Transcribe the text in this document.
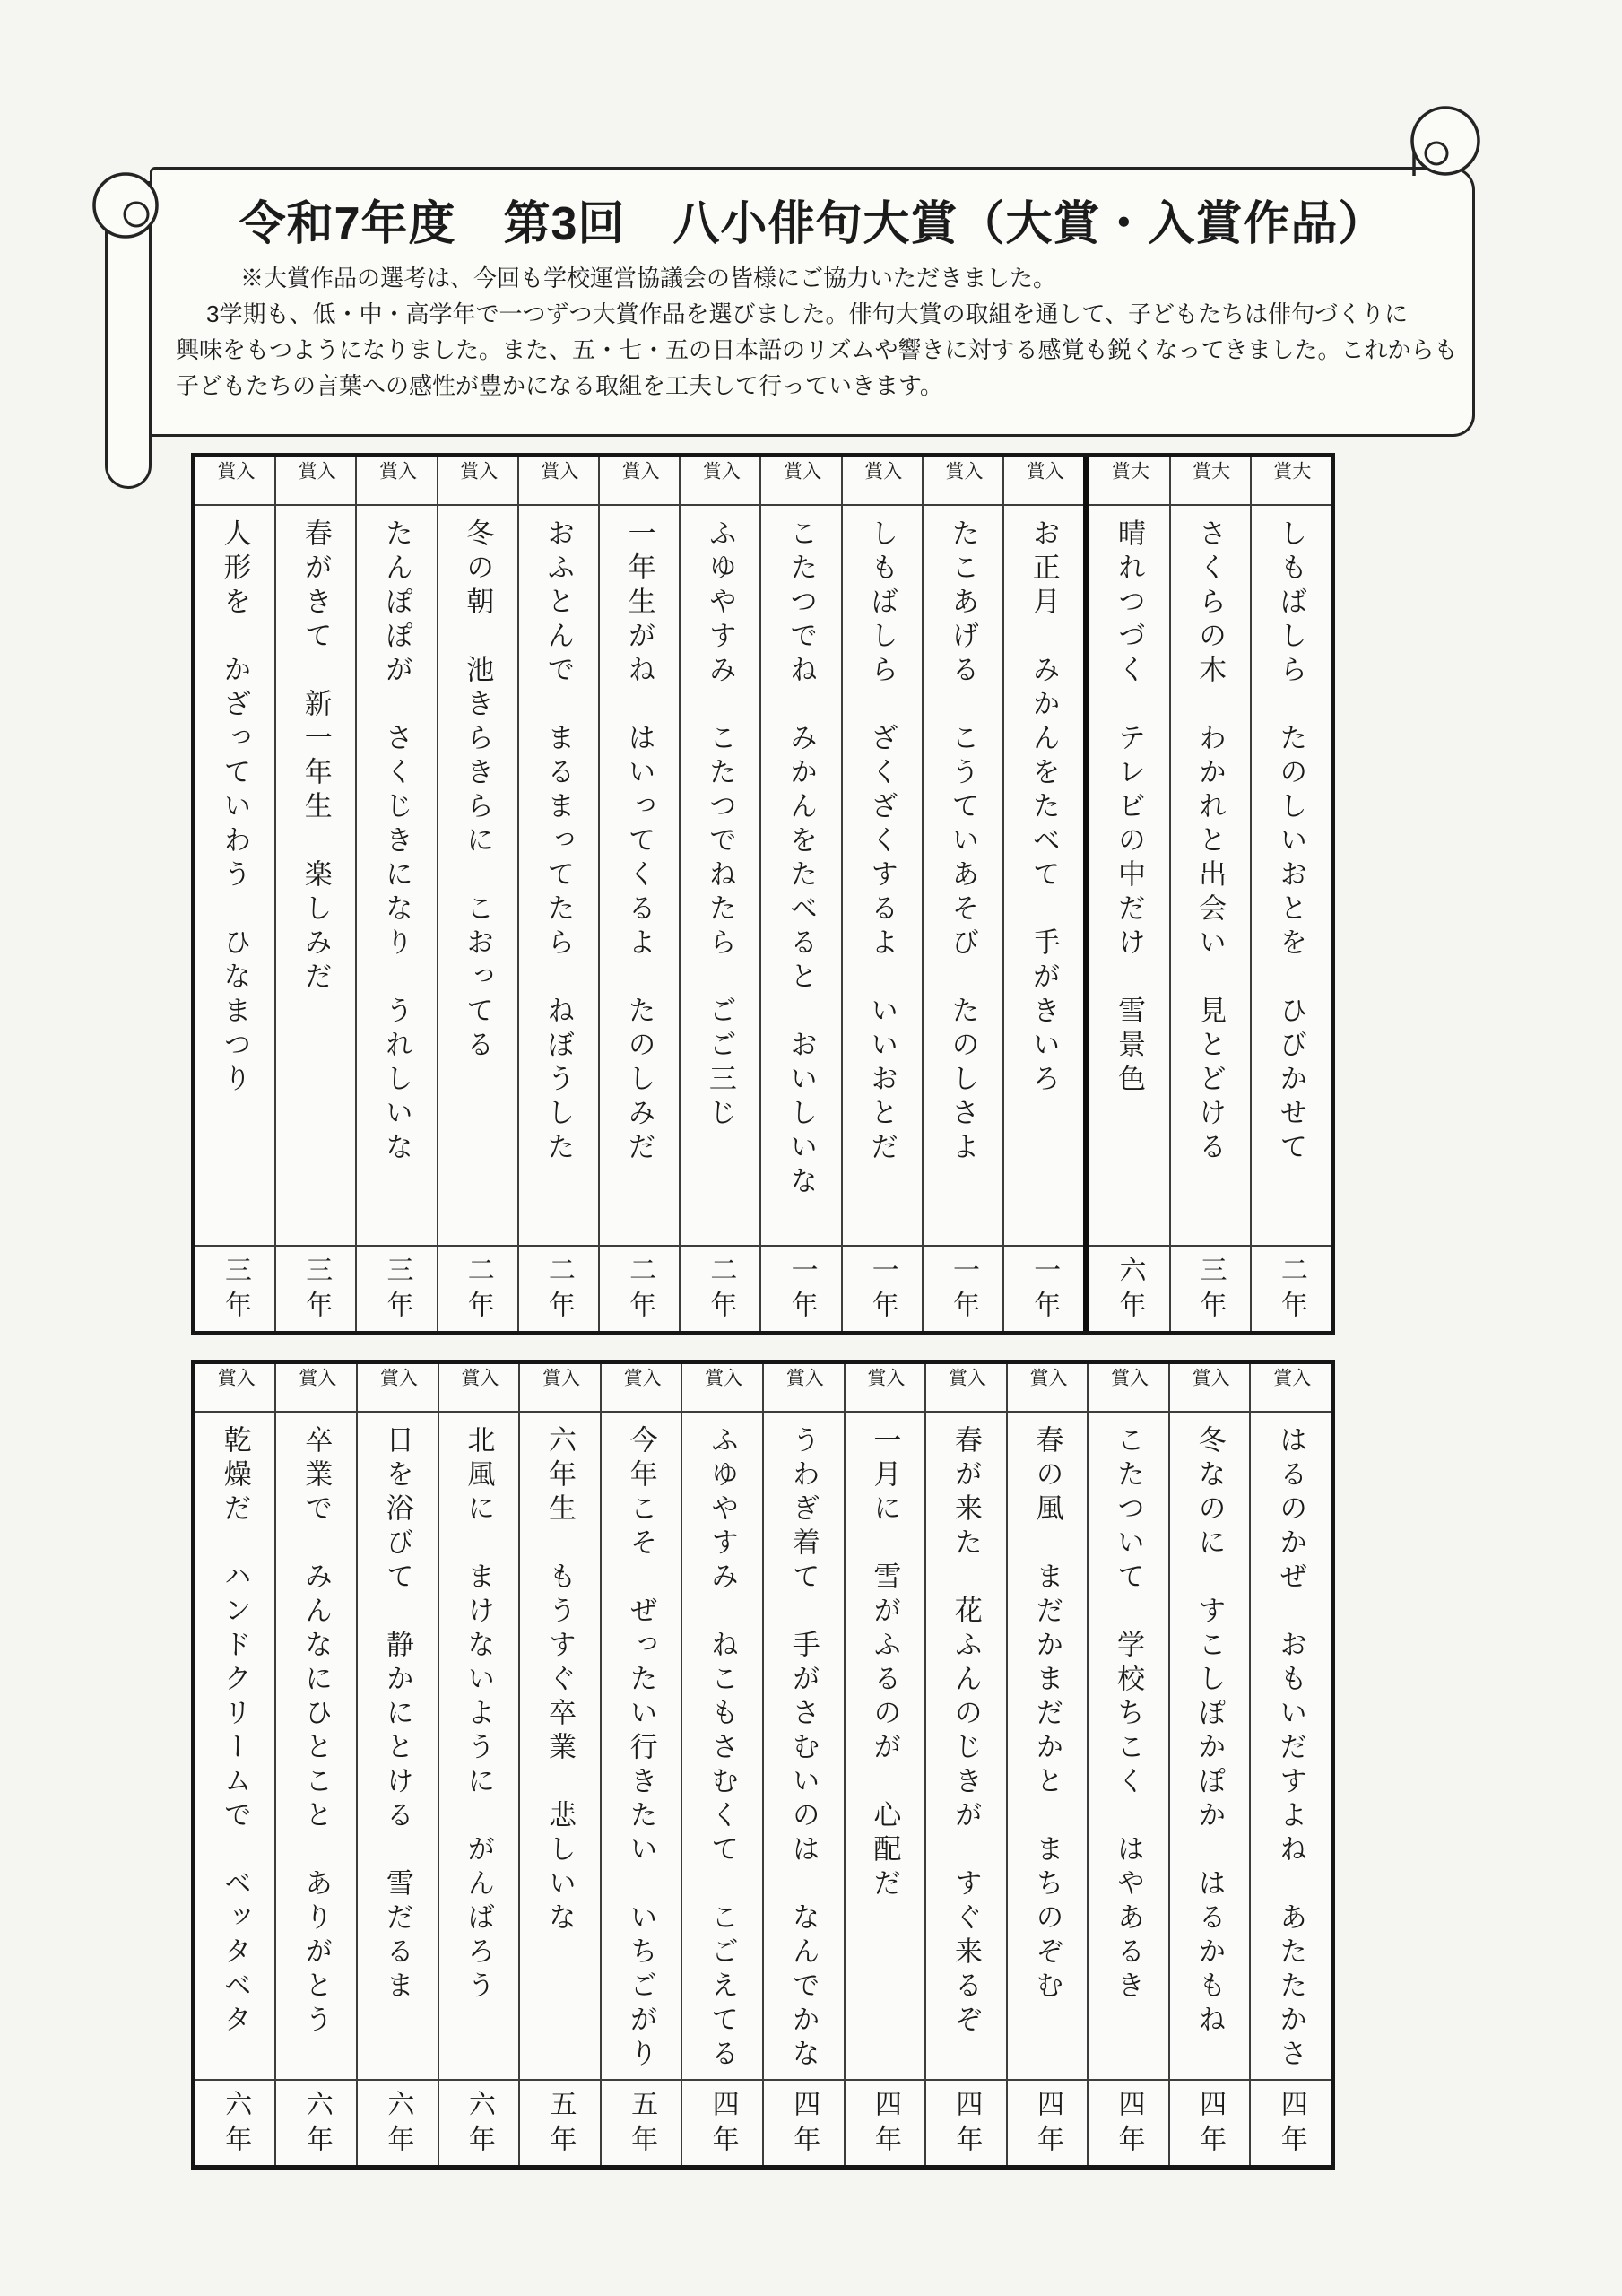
令和7年度　第3回　八小俳句大賞（大賞・入賞作品）
※大賞作品の選考は、今回も学校運営協議会の皆様にご協力いただきました。
3学期も、低・中・高学年で一つずつ大賞作品を選びました。俳句大賞の取組を通して、子どもたちは俳句づくりに
興味をもつようになりました。また、五・七・五の日本語のリズムや響きに対する感覚も鋭くなってきました。これからも
子どもたちの言葉への感性が豊かになる取組を工夫して行っていきます。
大賞
しもばしら　たのしいおとを　ひびかせて
二年
大賞
さくらの木　わかれと出会い　見とどける
三年
大賞
晴れつづく　テレビの中だけ　雪景色
六年
入賞
お正月　みかんをたべて　手がきいろ
一年
入賞
たこあげる　こうていあそび　たのしさよ
一年
入賞
しもばしら　ざくざくするよ　いいおとだ
一年
入賞
こたつでね　みかんをたべると　おいしいな
一年
入賞
ふゆやすみ　こたつでねたら　ごご三じ
二年
入賞
一年生がね　はいってくるよ　たのしみだ
二年
入賞
おふとんで　まるまってたら　ねぼうした
二年
入賞
冬の朝　池きらきらに　こおってる
二年
入賞
たんぽぽが　さくじきになり　うれしいな
三年
入賞
春がきて　新一年生　楽しみだ
三年
入賞
人形を　かざっていわう　ひなまつり
三年
入賞
はるのかぜ　おもいだすよね　あたたかさ
四年
入賞
冬なのに　すこしぽかぽか　はるかもね
四年
入賞
こたついて　学校ちこく　はやあるき
四年
入賞
春の風　まだかまだかと　まちのぞむ
四年
入賞
春が来た　花ふんのじきが　すぐ来るぞ
四年
入賞
一月に　雪がふるのが　心配だ
四年
入賞
うわぎ着て　手がさむいのは　なんでかな
四年
入賞
ふゆやすみ　ねこもさむくて　こごえてる
四年
入賞
今年こそ　ぜったい行きたい　いちごがり
五年
入賞
六年生　もうすぐ卒業　悲しいな
五年
入賞
北風に　まけないように　がんばろう
六年
入賞
日を浴びて　静かにとける　雪だるま
六年
入賞
卒業で　みんなにひとこと　ありがとう
六年
入賞
乾燥だ　ハンドクリームで　ベッタベタ
六年
